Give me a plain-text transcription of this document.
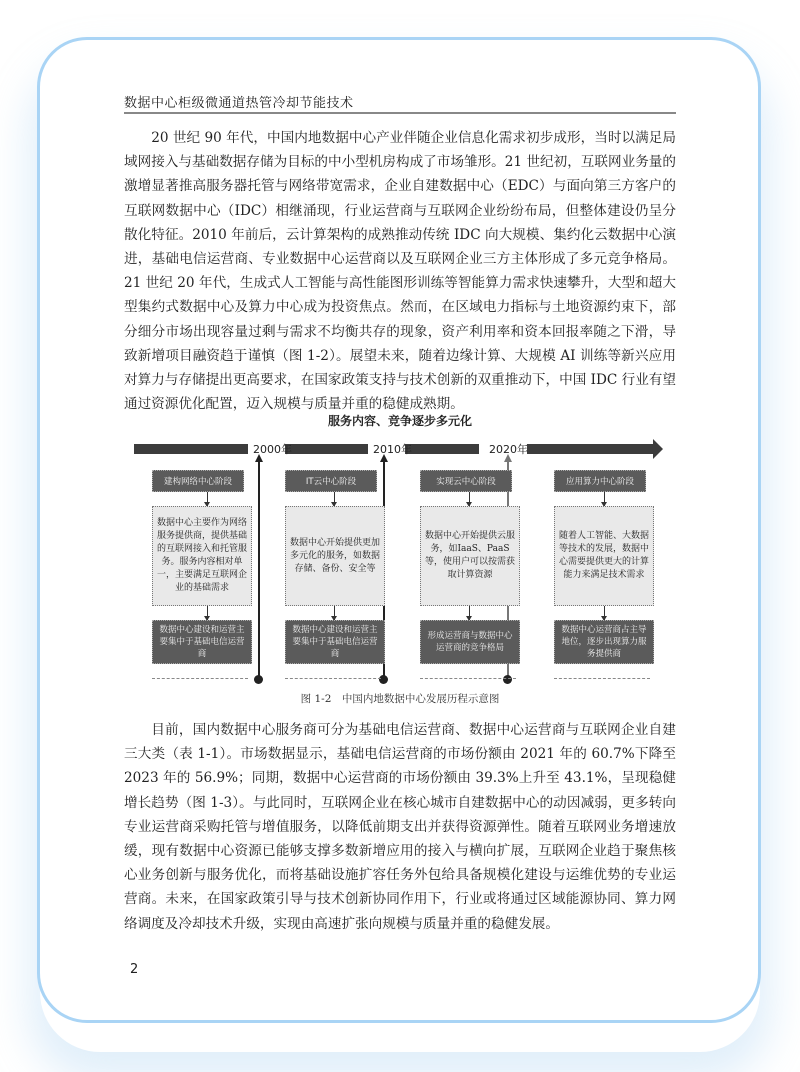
数据中心柜级微通道热管冷却节能技术

20 世纪 90 年代，中国内地数据中心产业伴随企业信息化需求初步成形，当时以满足局域网接入与基础数据存储为目标的中小型机房构成了市场雏形。21 世纪初，互联网业务量的激增显著推高服务器托管与网络带宽需求，企业自建数据中心（EDC）与面向第三方客户的互联网数据中心（IDC）相继涌现，行业运营商与互联网企业纷纷布局，但整体建设仍呈分散化特征。2010 年前后，云计算架构的成熟推动传统 IDC 向大规模、集约化云数据中心演进，基础电信运营商、专业数据中心运营商以及互联网企业三方主体形成了多元竞争格局。21 世纪 20 年代，生成式人工智能与高性能图形训练等智能算力需求快速攀升，大型和超大型集约式数据中心及算力中心成为投资焦点。然而，在区域电力指标与土地资源约束下，部分细分市场出现容量过剩与需求不均衡共存的现象，资产利用率和资本回报率随之下滑，导致新增项目融资趋于谨慎（图 1-2）。展望未来，随着边缘计算、大规模 AI 训练等新兴应用对算力与存储提出更高要求，在国家政策支持与技术创新的双重推动下，中国 IDC 行业有望通过资源优化配置，迈入规模与质量并重的稳健成熟期。

服务内容、竞争逐步多元化
2000年	2010年	2020年
建构网络中心阶段
数据中心主要作为网络服务提供商，提供基础的互联网接入和托管服务。服务内容相对单一，主要满足互联网企业的基础需求
数据中心建设和运营主要集中于基础电信运营商
IT云中心阶段
数据中心开始提供更加多元化的服务，如数据存储、备份、安全等
数据中心建设和运营主要集中于基础电信运营商
实现云中心阶段
数据中心开始提供云服务，如IaaS、PaaS等，使用户可以按需获取计算资源
形成运营商与数据中心运营商的竞争格局
应用算力中心阶段
随着人工智能、大数据等技术的发展，数据中心需要提供更大的计算能力来满足技术需求
数据中心运营商占主导地位，逐步出现算力服务提供商
图 1-2　中国内地数据中心发展历程示意图

目前，国内数据中心服务商可分为基础电信运营商、数据中心运营商与互联网企业自建三大类（表 1-1）。市场数据显示，基础电信运营商的市场份额由 2021 年的 60.7%下降至 2023 年的 56.9%；同期，数据中心运营商的市场份额由 39.3%上升至 43.1%，呈现稳健增长趋势（图 1-3）。与此同时，互联网企业在核心城市自建数据中心的动因减弱，更多转向专业运营商采购托管与增值服务，以降低前期支出并获得资源弹性。随着互联网业务增速放缓，现有数据中心资源已能够支撑多数新增应用的接入与横向扩展，互联网企业趋于聚焦核心业务创新与服务优化，而将基础设施扩容任务外包给具备规模化建设与运维优势的专业运营商。未来，在国家政策引导与技术创新协同作用下，行业或将通过区域能源协同、算力网络调度及冷却技术升级，实现由高速扩张向规模与质量并重的稳健发展。

2
